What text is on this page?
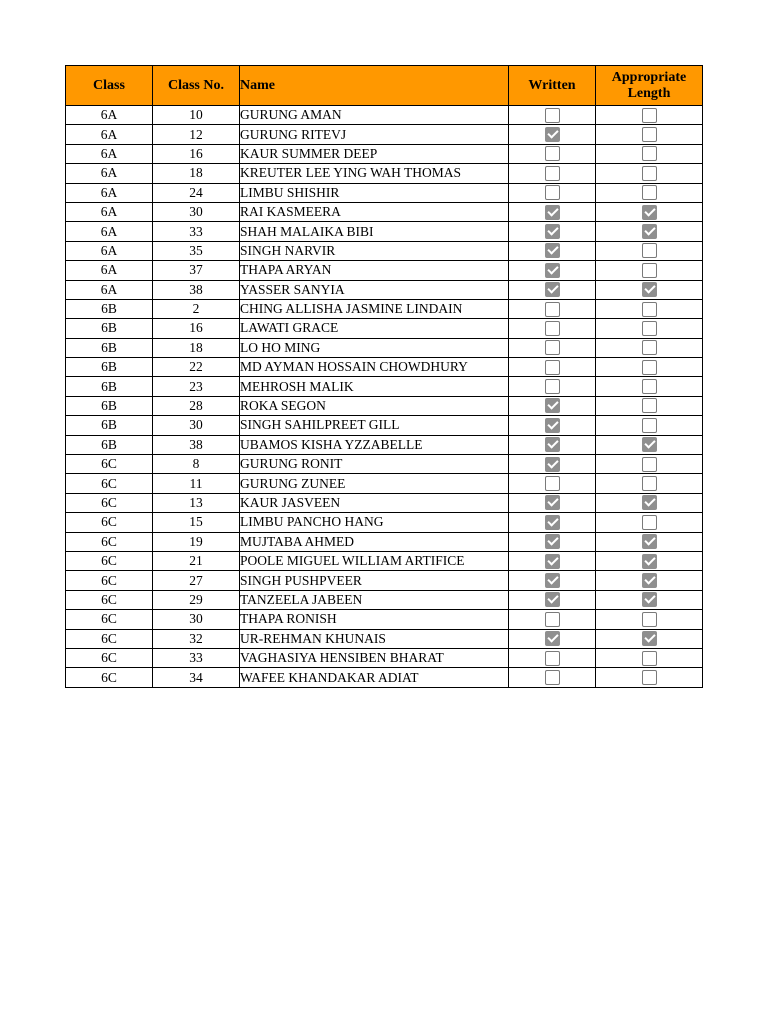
Class	Class No.	Name	Written	Appropriate Length
6A	10	GURUNG AMAN		
6A	12	GURUNG RITEVJ		
6A	16	KAUR SUMMER DEEP		
6A	18	KREUTER LEE YING WAH THOMAS		
6A	24	LIMBU SHISHIR		
6A	30	RAI KASMEERA		
6A	33	SHAH MALAIKA BIBI		
6A	35	SINGH NARVIR		
6A	37	THAPA ARYAN		
6A	38	YASSER SANYIA		
6B	2	CHING ALLISHA JASMINE LINDAIN		
6B	16	LAWATI GRACE		
6B	18	LO HO MING		
6B	22	MD AYMAN HOSSAIN CHOWDHURY		
6B	23	MEHROSH MALIK		
6B	28	ROKA SEGON		
6B	30	SINGH SAHILPREET GILL		
6B	38	UBAMOS KISHA YZZABELLE		
6C	8	GURUNG RONIT		
6C	11	GURUNG ZUNEE		
6C	13	KAUR JASVEEN		
6C	15	LIMBU PANCHO HANG		
6C	19	MUJTABA AHMED		
6C	21	POOLE MIGUEL WILLIAM ARTIFICE		
6C	27	SINGH PUSHPVEER		
6C	29	TANZEELA JABEEN		
6C	30	THAPA RONISH		
6C	32	UR-REHMAN KHUNAIS		
6C	33	VAGHASIYA HENSIBEN BHARAT		
6C	34	WAFEE KHANDAKAR ADIAT		
